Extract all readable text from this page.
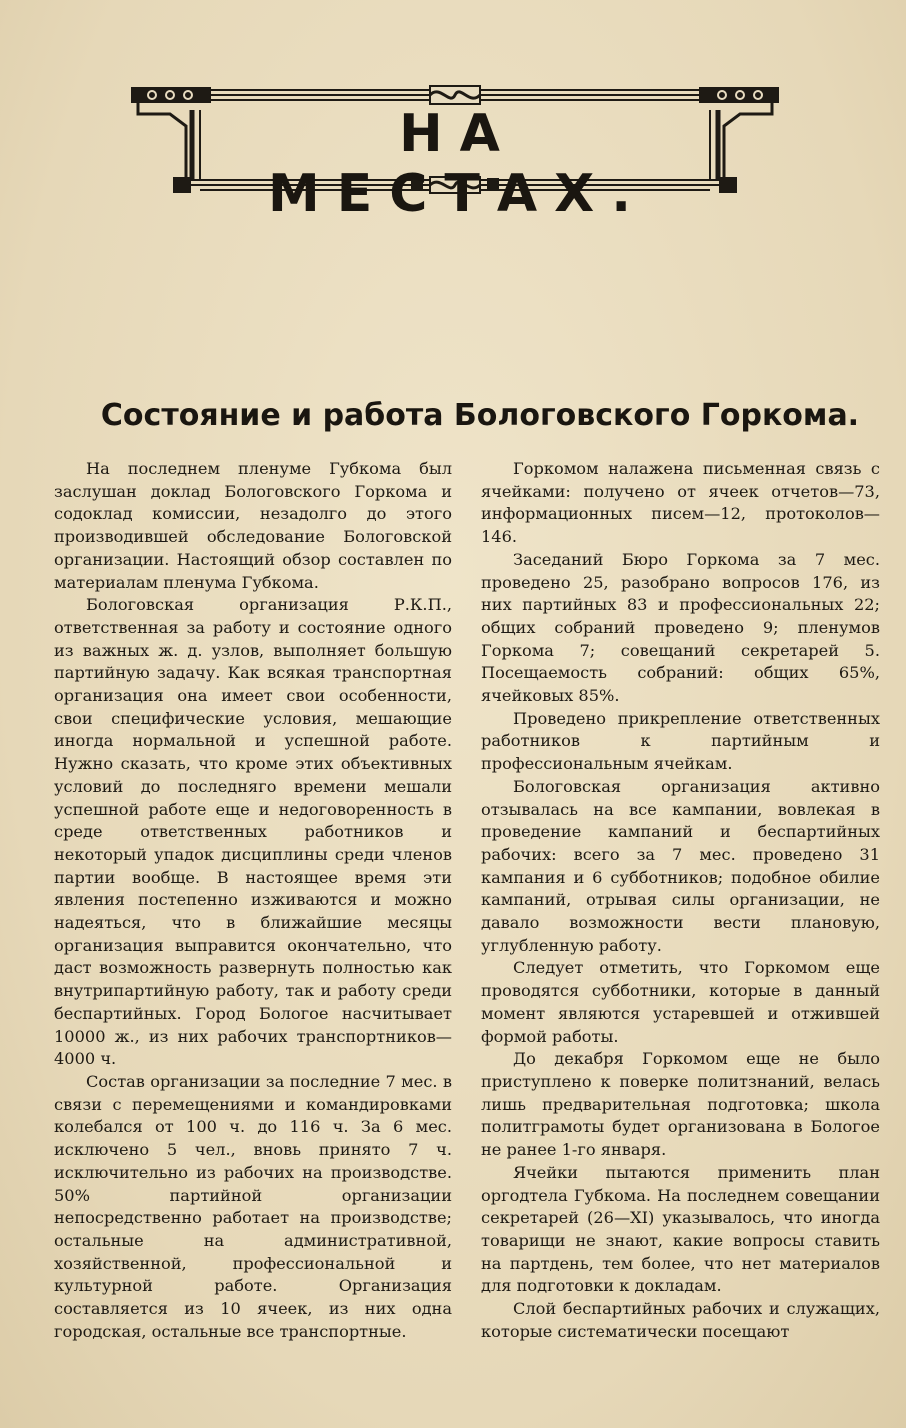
НА МЕСТАХ.
Состояние и работа Бологовского Горкома.

На последнем пленуме Губкома был заслушан доклад Бологовского Горкома и содоклад комиссии, незадолго до этого производившей обследование Бологовской организации. Настоящий обзор составлен по материалам пленума Губкома.

Бологовская организация Р.К.П., ответственная за работу и состояние одного из важных ж. д. узлов, выполняет большую партийную задачу. Как всякая транспортная организация она имеет свои особенности, свои специфические условия, мешающие иногда нормальной и успешной работе. Нужно сказать, что кроме этих объективных условий до последняго времени мешали успешной работе еще и недоговоренность в среде ответственных работников и некоторый упадок дисциплины среди членов партии вообще. В настоящее время эти явления постепенно изживаются и можно надеяться, что в ближайшие месяцы организация выправится окончательно, что даст возможность развернуть полностью как внутрипартийную работу, так и работу среди беспартийных. Город Бологое насчитывает 10000 ж., из них рабочих транспортников— 4000 ч.

Состав организации за последние 7 мес. в связи с перемещениями и командировками колебался от 100 ч. до 116 ч. За 6 мес. исключено 5 чел., вновь принято 7 ч. исключительно из рабочих на производстве. 50% партийной организации непосредственно работает на производстве; остальные на административной, хозяйственной, профессиональной и культурной работе. Организация составляется из 10 ячеек, из них одна городская, остальные все транспортные.

Горкомом налажена письменная связь с ячейками: получено от ячеек отчетов—73, информационных писем—12, протоколов—146.

Заседаний Бюро Горкома за 7 мес. проведено 25, разобрано вопросов 176, из них партийных 83 и профессиональных 22; общих собраний проведено 9; пленумов Горкома 7; совещаний секретарей 5. Посещаемость собраний: общих 65%, ячейковых 85%.

Проведено прикрепление ответственных работников к партийным и профессиональным ячейкам.

Бологовская организация активно отзывалась на все кампании, вовлекая в проведение кампаний и беспартийных рабочих: всего за 7 мес. проведено 31 кампания и 6 субботников; подобное обилие кампаний, отрывая силы организации, не давало возможности вести плановую, углубленную работу.

Следует отметить, что Горкомом еще проводятся субботники, которые в данный момент являются устаревшей и отжившей формой работы.

До декабря Горкомом еще не было приступлено к поверке политзнаний, велась лишь предварительная подготовка; школа политграмоты будет организована в Бологое не ранее 1-го января.

Ячейки пытаются применить план оргодтела Губкома. На последнем совещании секретарей (26—XI) указывалось, что иногда товарищи не знают, какие вопросы ставить на партдень, тем более, что нет материалов для подготовки к докладам.

Слой беспартийных рабочих и служащих, которые систематически посещают
